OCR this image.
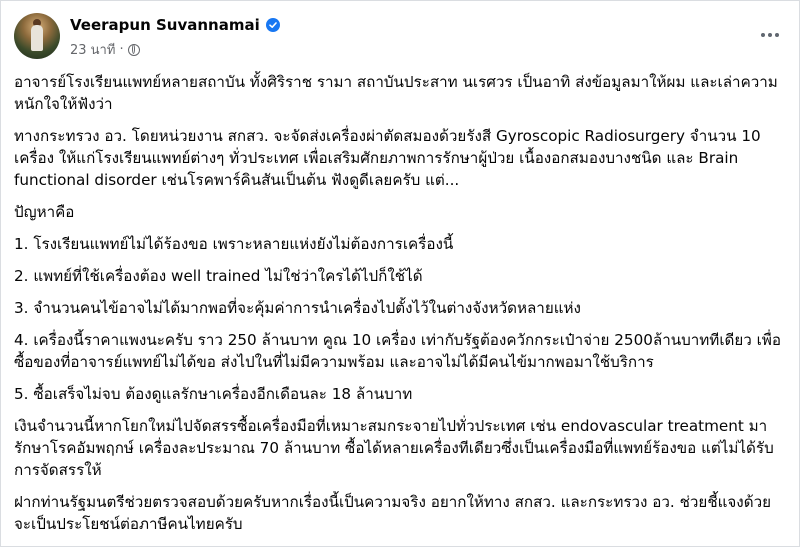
Veerapun Suvannamai
23 นาที ·

อาจารย์โรงเรียนแพทย์หลายสถาบัน ทั้งศิริราช รามา สถาบันประสาท นเรศวร เป็นอาทิ ส่งข้อมูลมาให้ผม และเล่าความหนักใจให้ฟังว่า

ทางกระทรวง อว. โดยหน่วยงาน สกสว. จะจัดส่งเครื่องผ่าตัดสมองด้วยรังสี Gyroscopic Radiosurgery จำนวน 10 เครื่อง ให้แก่โรงเรียนแพทย์ต่างๆ ทั่วประเทศ เพื่อเสริมศักยภาพการรักษาผู้ป่วย เนื้องอกสมองบางชนิด และ Brain functional disorder เช่นโรคพาร์คินสันเป็นต้น ฟังดูดีเลยครับ แต่...

ปัญหาคือ

1. โรงเรียนแพทย์ไม่ได้ร้องขอ เพราะหลายแห่งยังไม่ต้องการเครื่องนี้

2. แพทย์ที่ใช้เครื่องต้อง well trained ไม่ใช่ว่าใครได้ไปก็ใช้ได้

3. จำนวนคนไข้อาจไม่ได้มากพอที่จะคุ้มค่าการนำเครื่องไปตั้งไว้ในต่างจังหวัดหลายแห่ง

4. เครื่องนี้ราคาแพงนะครับ ราว 250 ล้านบาท คูณ 10 เครื่อง เท่ากับรัฐต้องควักกระเป๋าจ่าย 2500ล้านบาททีเดียว เพื่อซื้อของที่อาจารย์แพทย์ไม่ได้ขอ ส่งไปในที่ไม่มีความพร้อม และอาจไม่ได้มีคนไข้มากพอมาใช้บริการ

5. ซื้อเสร็จไม่จบ ต้องดูแลรักษาเครื่องอีกเดือนละ 18 ล้านบาท

เงินจำนวนนี้หากโยกใหม่ไปจัดสรรซื้อเครื่องมือที่เหมาะสมกระจายไปทั่วประเทศ เช่น endovascular treatment มารักษาโรคอัมพฤกษ์ เครื่องละประมาณ 70 ล้านบาท ซื้อได้หลายเครื่องทีเดียวซึ่งเป็นเครื่องมือที่แพทย์ร้องขอ แต่ไม่ได้รับการจัดสรรให้

ฝากท่านรัฐมนตรีช่วยตรวจสอบด้วยครับหากเรื่องนี้เป็นความจริง อยากให้ทาง สกสว. และกระทรวง อว. ช่วยชี้แจงด้วยจะเป็นประโยชน์ต่อภาษีคนไทยครับ
